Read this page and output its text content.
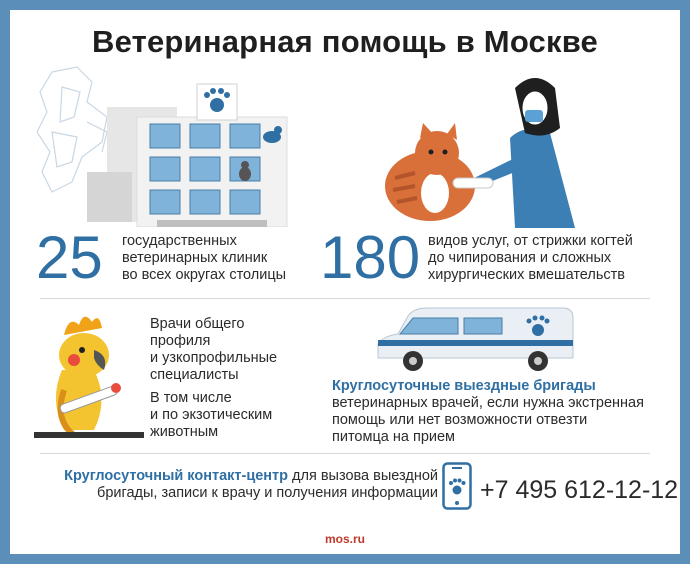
Ветеринарная помощь в Москве
25 государственных
ветеринарных клиник
во всех округах столицы 180 видов услуг, от стрижки когтей
до чипирования и сложных
хирургических вмешательств
Врачи общего
профиля
и узкопрофильные
специалисты
В том числе
и по экзотическим
животным
Круглосуточные выездные бригады
ветеринарных врачей, если нужна экстренная
помощь или нет возможности отвезти
питомца на прием
Круглосуточный контакт-центр для вызова выездной
бригады, записи к врачу и получения информации +7 495 612-12-12
mos.ru
